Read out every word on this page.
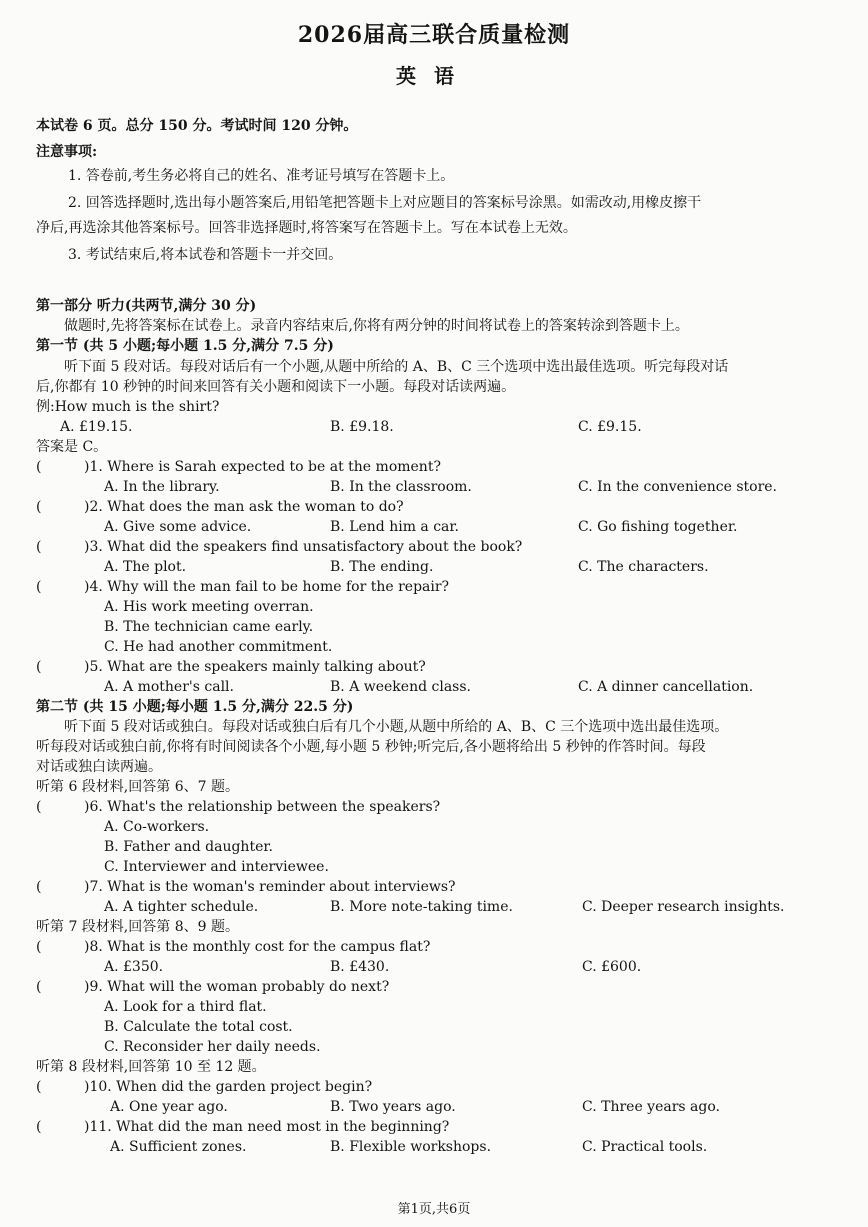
2026届高三联合质量检测
英语
本试卷 6 页。总分 150 分。考试时间 120 分钟。
注意事项:
1. 答卷前,考生务必将自己的姓名、准考证号填写在答题卡上。
2. 回答选择题时,选出每小题答案后,用铅笔把答题卡上对应题目的答案标号涂黑。如需改动,用橡皮擦干
净后,再选涂其他答案标号。回答非选择题时,将答案写在答题卡上。写在本试卷上无效。
3. 考试结束后,将本试卷和答题卡一并交回。
第一部分 听力(共两节,满分 30 分)
做题时,先将答案标在试卷上。录音内容结束后,你将有两分钟的时间将试卷上的答案转涂到答题卡上。
第一节 (共 5 小题;每小题 1.5 分,满分 7.5 分)
听下面 5 段对话。每段对话后有一个小题,从题中所给的 A、B、C 三个选项中选出最佳选项。听完每段对话
后,你都有 10 秒钟的时间来回答有关小题和阅读下一小题。每段对话读两遍。
例:How much is the shirt?
A. £19.15.	B. £9.18.	C. £9.15.
答案是 C。
(	)1. Where is Sarah expected to be at the moment?
A. In the library.	B. In the classroom.	C. In the convenience store.
(	)2. What does the man ask the woman to do?
A. Give some advice.	B. Lend him a car.	C. Go fishing together.
(	)3. What did the speakers find unsatisfactory about the book?
A. The plot.	B. The ending.	C. The characters.
(	)4. Why will the man fail to be home for the repair?
A. His work meeting overran.
B. The technician came early.
C. He had another commitment.
(	)5. What are the speakers mainly talking about?
A. A mother's call.	B. A weekend class.	C. A dinner cancellation.
第二节 (共 15 小题;每小题 1.5 分,满分 22.5 分)
听下面 5 段对话或独白。每段对话或独白后有几个小题,从题中所给的 A、B、C 三个选项中选出最佳选项。
听每段对话或独白前,你将有时间阅读各个小题,每小题 5 秒钟;听完后,各小题将给出 5 秒钟的作答时间。每段
对话或独白读两遍。
听第 6 段材料,回答第 6、7 题。
(	)6. What's the relationship between the speakers?
A. Co-workers.
B. Father and daughter.
C. Interviewer and interviewee.
(	)7. What is the woman's reminder about interviews?
A. A tighter schedule.	B. More note-taking time.	C. Deeper research insights.
听第 7 段材料,回答第 8、9 题。
(	)8. What is the monthly cost for the campus flat?
A. £350.	B. £430.	C. £600.
(	)9. What will the woman probably do next?
A. Look for a third flat.
B. Calculate the total cost.
C. Reconsider her daily needs.
听第 8 段材料,回答第 10 至 12 题。
(	)10. When did the garden project begin?
A. One year ago.	B. Two years ago.	C. Three years ago.
(	)11. What did the man need most in the beginning?
A. Sufficient zones.	B. Flexible workshops.	C. Practical tools.
第1页,共6页
